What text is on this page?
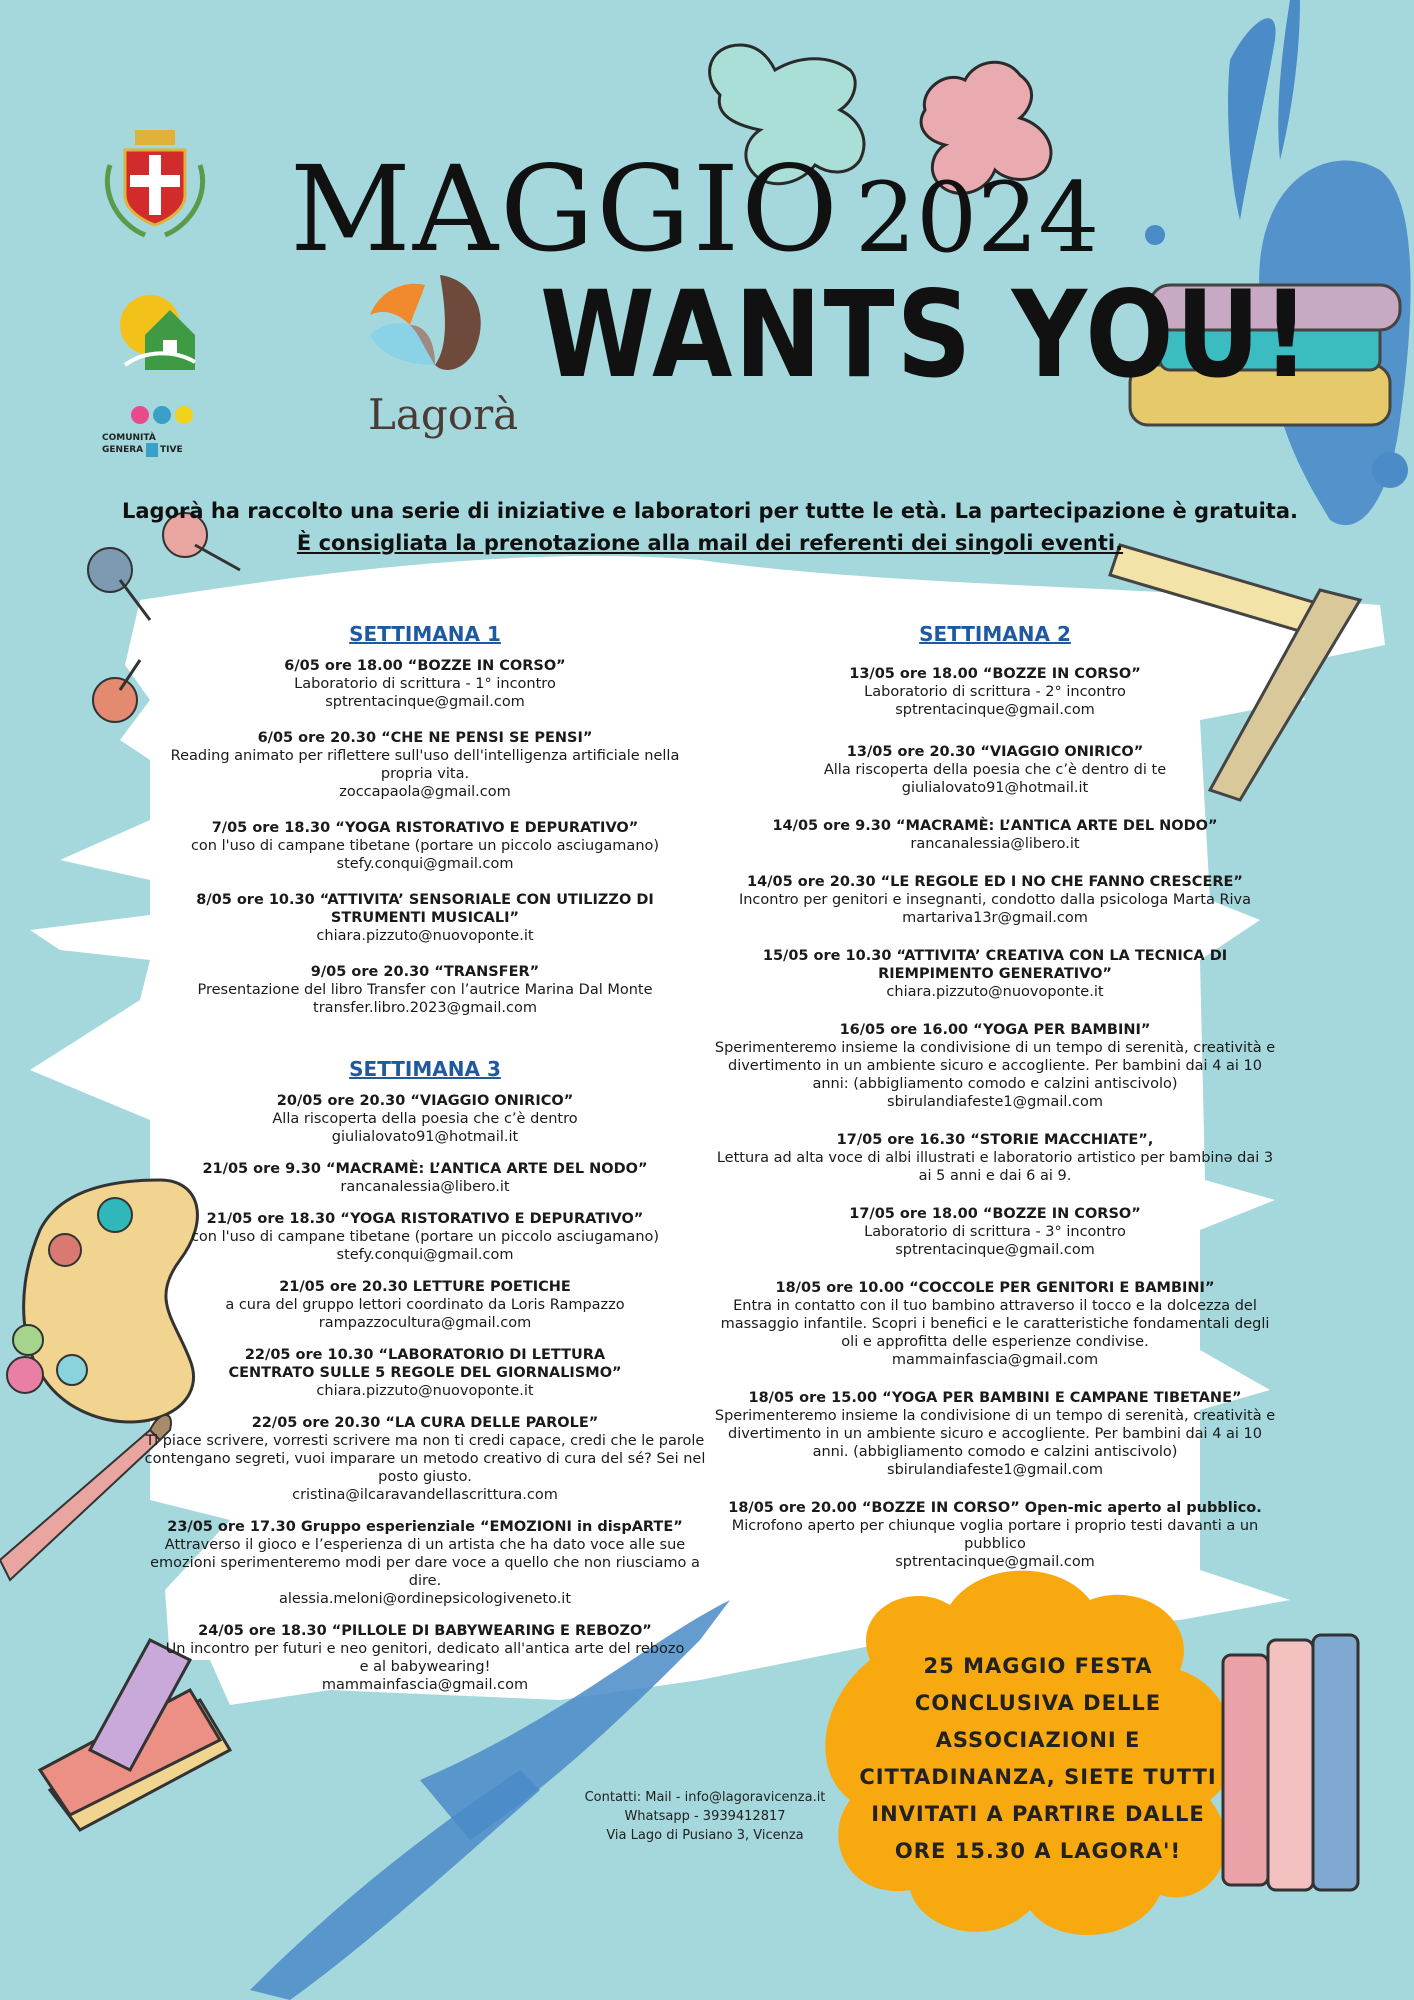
COMUNITÀ
GENERA TIVE
MAGGIO 2024
WANTS YOU!
Lagorà
Lagorà ha raccolto una serie di iniziative e laboratori per tutte le età. La partecipazione è gratuita.
È consigliata la prenotazione alla mail dei referenti dei singoli eventi.
SETTIMANA 1

6/05 ore 18.00 “BOZZE IN CORSO”

Laboratorio di scrittura - 1° incontro

sptrentacinque@gmail.com

6/05 ore 20.30 “CHE NE PENSI SE PENSI”

Reading animato per riflettere sull'uso dell'intelligenza artificiale nella

propria vita.

zoccapaola@gmail.com

7/05 ore 18.30 “YOGA RISTORATIVO E DEPURATIVO”

con l'uso di campane tibetane (portare un piccolo asciugamano)

stefy.conqui@gmail.com

8/05 ore 10.30 “ATTIVITA’ SENSORIALE CON UTILIZZO DI STRUMENTI MUSICALI”

chiara.pizzuto@nuovoponte.it

9/05 ore 20.30 “TRANSFER”

Presentazione del libro Transfer con l’autrice Marina Dal Monte

transfer.libro.2023@gmail.com

SETTIMANA 3

20/05 ore 20.30 “VIAGGIO ONIRICO”

Alla riscoperta della poesia che c’è dentro

giulialovato91@hotmail.it

21/05 ore 9.30 “MACRAMÈ: L’ANTICA ARTE DEL NODO”

rancanalessia@libero.it

21/05 ore 18.30 “YOGA RISTORATIVO E DEPURATIVO”

con l'uso di campane tibetane (portare un piccolo asciugamano)

stefy.conqui@gmail.com

21/05 ore 20.30 LETTURE POETICHE

a cura del gruppo lettori coordinato da Loris Rampazzo

rampazzocultura@gmail.com

22/05 ore 10.30 “LABORATORIO DI LETTURA CENTRATO SULLE 5 REGOLE DEL GIORNALISMO”

chiara.pizzuto@nuovoponte.it

22/05 ore 20.30 “LA CURA DELLE PAROLE”

Ti piace scrivere, vorresti scrivere ma non ti credi capace, credi che le parole contengano segreti, vuoi imparare un metodo creativo di cura del sé? Sei nel posto giusto.

cristina@ilcaravandellascrittura.com

23/05 ore 17.30 Gruppo esperienziale “EMOZIONI in dispARTE”

Attraverso il gioco e l’esperienza di un artista che ha dato voce alle sue emozioni sperimenteremo modi per dare voce a quello che non riusciamo a dire.

alessia.meloni@ordinepsicologiveneto.it

24/05 ore 18.30 “PILLOLE DI BABYWEARING E REBOZO”

Un incontro per futuri e neo genitori, dedicato all'antica arte del rebozo e al babywearing!

mammainfascia@gmail.com

SETTIMANA 2

13/05 ore 18.00 “BOZZE IN CORSO”

Laboratorio di scrittura - 2° incontro

sptrentacinque@gmail.com

13/05 ore 20.30 “VIAGGIO ONIRICO”

Alla riscoperta della poesia che c’è dentro di te

giulialovato91@hotmail.it

14/05 ore 9.30 “MACRAMÈ: L’ANTICA ARTE DEL NODO”

rancanalessia@libero.it

14/05 ore 20.30 “LE REGOLE ED I NO CHE FANNO CRESCERE”

Incontro per genitori e insegnanti, condotto dalla psicologa Marta Riva

martariva13r@gmail.com

15/05 ore 10.30 “ATTIVITA’ CREATIVA CON LA TECNICA DI RIEMPIMENTO GENERATIVO”

chiara.pizzuto@nuovoponte.it

16/05 ore 16.00 “YOGA PER BAMBINI”

Sperimenteremo insieme la condivisione di un tempo di serenità, creatività e divertimento in un ambiente sicuro e accogliente. Per bambini dai 4 ai 10 anni: (abbigliamento comodo e calzini antiscivolo)

sbirulandiafeste1@gmail.com

17/05 ore 16.30 “STORIE MACCHIATE”,

Lettura ad alta voce di albi illustrati e laboratorio artistico per bambinә dai 3 ai 5 anni e dai 6 ai 9.

17/05 ore 18.00 “BOZZE IN CORSO”

Laboratorio di scrittura - 3° incontro

sptrentacinque@gmail.com

18/05 ore 10.00 “COCCOLE PER GENITORI E BAMBINI”

Entra in contatto con il tuo bambino attraverso il tocco e la dolcezza del massaggio infantile. Scopri i benefici e le caratteristiche fondamentali degli oli e approfitta delle esperienze condivise.

mammainfascia@gmail.com

18/05 ore 15.00 “YOGA PER BAMBINI E CAMPANE TIBETANE”

Sperimenteremo insieme la condivisione di un tempo di serenità, creatività e divertimento in un ambiente sicuro e accogliente. Per bambini dai 4 ai 10 anni. (abbigliamento comodo e calzini antiscivolo)

sbirulandiafeste1@gmail.com

18/05 ore 20.00 “BOZZE IN CORSO” Open-mic aperto al pubblico.

Microfono aperto per chiunque voglia portare i proprio testi davanti a un pubblico

sptrentacinque@gmail.com

25 MAGGIO FESTA CONCLUSIVA DELLE ASSOCIAZIONI E CITTADINANZA, SIETE TUTTI INVITATI A PARTIRE DALLE ORE 15.30 A LAGORA'!
Contatti: Mail - info@lagoravicenza.it
Whatsapp - 3939412817
Via Lago di Pusiano 3, Vicenza
